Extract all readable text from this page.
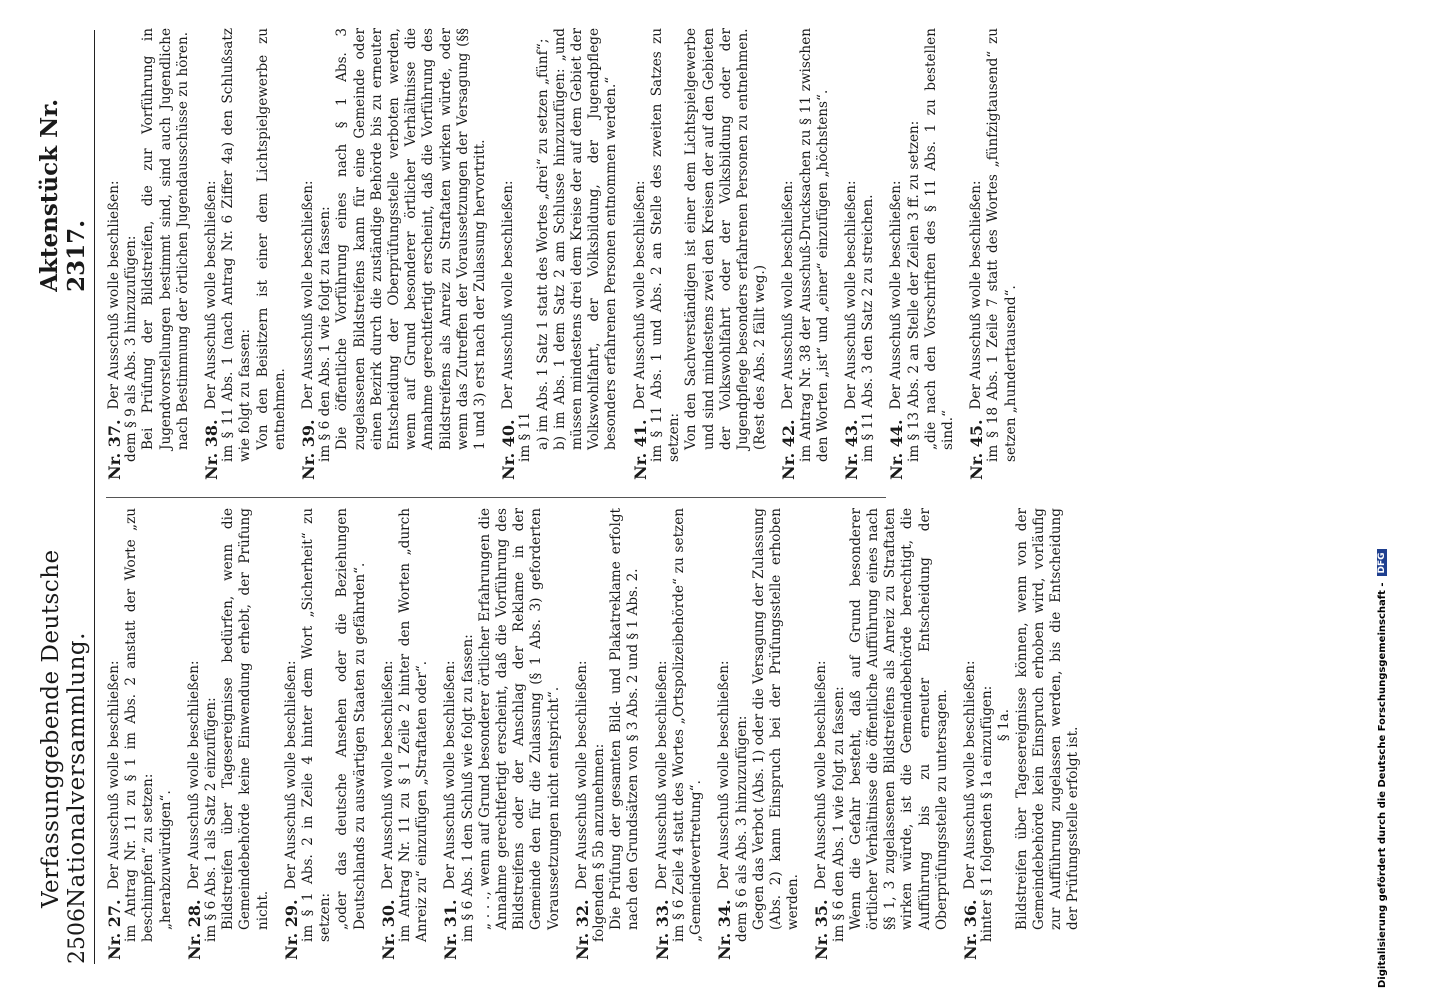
2506
Verfassunggebende Deutsche Nationalversammlung.
Aktenstück Nr. 2317.
Nr. 27.
Der Ausschuß wolle beschließen: im Antrag Nr. 11 zu § 1 im Abs. 2 anstatt der Worte „zu beschimpfen“ zu setzen: „herabzuwürdigen“. Nr. 28.
Der Ausschuß wolle beschließen: im § 6 Abs. 1 als Satz 2 einzufügen: Bildstreifen über Tagesereignisse bedürfen, wenn die Gemeindebehörde keine Einwendung erhebt, der Prüfung nicht. Nr. 29.
Der Ausschuß wolle beschließen: im § 1 Abs. 2 in Zeile 4 hinter dem Wort „Sicherheit“ zu setzen: „oder das deutsche Ansehen oder die Beziehungen Deutschlands zu auswärtigen Staaten zu gefährden“. Nr. 30.
Der Ausschuß wolle beschließen: im Antrag Nr. 11 zu § 1 Zeile 2 hinter den Worten „durch Anreiz zu“ einzufügen „Straftaten oder“. Nr. 31.
Der Ausschuß wolle beschließen: im § 6 Abs. 1 den Schluß wie folgt zu fassen: „ . . ., wenn auf Grund besonderer örtlicher Erfahrungen die Annahme gerechtfertigt erscheint, daß die Vorführung des Bildstreifens oder der Anschlag der Reklame in der Gemeinde den für die Zulassung (§ 1 Abs. 3) geforderten Voraussetzungen nicht entspricht“. Nr. 32.
Der Ausschuß wolle beschließen: folgenden § 5b anzunehmen: Die Prüfung der gesamten Bild- und Plakatreklame erfolgt nach den Grundsätzen von § 3 Abs. 2 und § 1 Abs. 2. Nr. 33.
Der Ausschuß wolle beschließen: im § 6 Zeile 4 statt des Wortes „Ortspolizeibehörde“ zu setzen „Gemeindevertretung“. Nr. 34.
Der Ausschuß wolle beschließen: dem § 6 als Abs. 3 hinzuzufügen: Gegen das Verbot (Abs. 1) oder die Versagung der Zulassung (Abs. 2) kann Einspruch bei der Prüfungsstelle erhoben werden. Nr. 35.
Der Ausschuß wolle beschließen: im § 6 den Abs. 1 wie folgt zu fassen: Wenn die Gefahr besteht, daß auf Grund besonderer örtlicher Verhältnisse die öffentliche Aufführung eines nach §§ 1, 3 zugelassenen Bildstreifens als Anreiz zu Straftaten wirken würde, ist die Gemeindebehörde berechtigt, die Aufführung bis zu erneuter Entscheidung der Oberprüfungsstelle zu untersagen. Nr. 36.
Der Ausschuß wolle beschließen: hinter § 1 folgenden § 1a einzufügen: § 1a. Bildstreifen über Tagesereignisse können, wenn von der Gemeindebehörde kein Einspruch erhoben wird, vorläufig zur Aufführung zugelassen werden, bis die Entscheidung der Prüfungsstelle erfolgt ist.
Nr. 37.
Der Ausschuß wolle beschließen: dem § 9 als Abs. 3 hinzuzufügen: Bei Prüfung der Bildstreifen, die zur Vorführung in Jugendvorstellungen bestimmt sind, sind auch Jugendliche nach Bestimmung der örtlichen Jugendausschüsse zu hören. Nr. 38.
Der Ausschuß wolle beschließen: im § 11 Abs. 1 (nach Antrag Nr. 6 Ziffer 4a) den Schlußsatz wie folgt zu fassen: Von den Beisitzern ist einer dem Lichtspielgewerbe zu entnehmen. Nr. 39.
Der Ausschuß wolle beschließen: im § 6 den Abs. 1 wie folgt zu fassen: Die öffentliche Vorführung eines nach § 1 Abs. 3 zugelassenen Bildstreifens kann für eine Gemeinde oder einen Bezirk durch die zuständige Behörde bis zu erneuter Entscheidung der Oberprüfungsstelle verboten werden, wenn auf Grund besonderer örtlicher Verhältnisse die Annahme gerechtfertigt erscheint, daß die Vorführung des Bildstreifens als Anreiz zu Straftaten wirken würde, oder wenn das Zutreffen der Voraussetzungen der Versagung (§§ 1 und 3) erst nach der Zulassung hervortritt. Nr. 40.
Der Ausschuß wolle beschließen:
im § 11 a) im Abs. 1 Satz 1 statt des Wortes „drei“ zu setzen „fünf“; b) im Abs. 1 dem Satz 2 am Schlusse hinzuzufügen: „und müssen mindestens drei dem Kreise der auf dem Gebiet der Volkswohlfahrt, der Volksbildung, der Jugendpflege besonders erfahrenen Personen entnommen werden.“ Nr. 41.
Der Ausschuß wolle beschließen: im § 11 Abs. 1 und Abs. 2 an Stelle des zweiten Satzes zu setzen: Von den Sachverständigen ist einer dem Lichtspielgewerbe und sind mindestens zwei den Kreisen der auf den Gebieten der Volkswohlfahrt oder der Volksbildung oder der Jugendpflege besonders erfahrenen Personen zu entnehmen. (Rest des Abs. 2 fällt weg.) Nr. 42.
Der Ausschuß wolle beschließen: im Antrag Nr. 38 der Ausschuß-Drucksachen zu § 11 zwischen den Worten „ist“ und „einer“ einzufügen „höchstens“. Nr. 43.
Der Ausschuß wolle beschließen: im § 11 Abs. 3 den Satz 2 zu streichen. Nr. 44.
Der Ausschuß wolle beschließen: im § 13 Abs. 2 an Stelle der Zeilen 3 ff. zu setzen: „die nach den Vorschriften des § 11 Abs. 1 zu bestellen sind.“ Nr. 45.
Der Ausschuß wolle beschließen: im § 18 Abs. 1 Zeile 7 statt des Wortes „fünfzigtausend“ zu setzen „hunderttausend“.
Digitalisierung gefördert durch die Deutsche Forschungsgemeinschaft -
DFG
